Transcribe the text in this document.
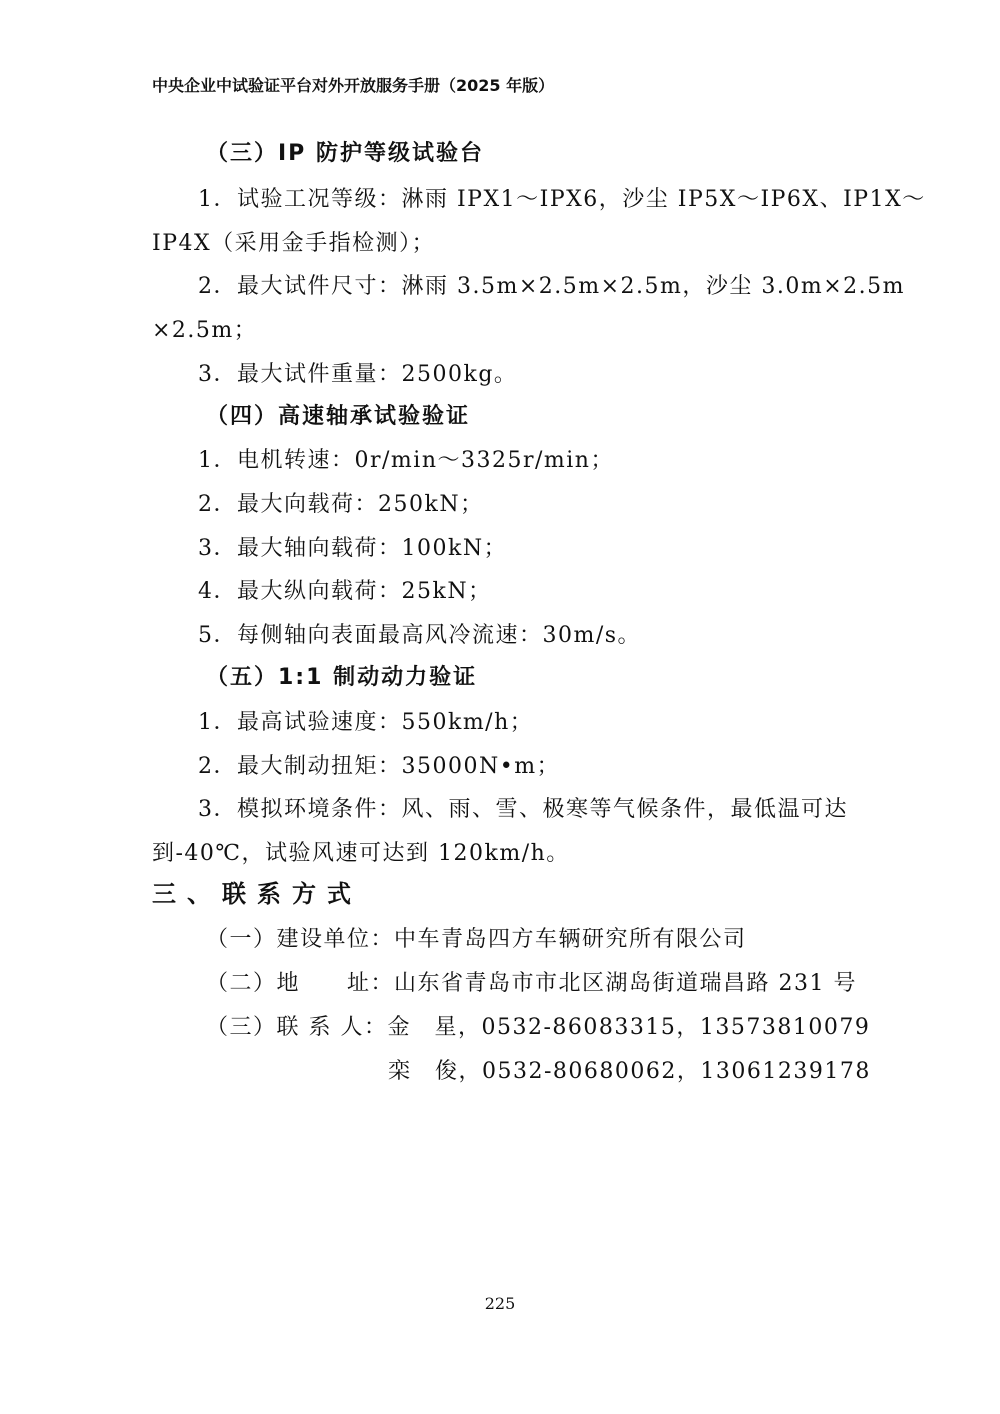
中央企业中试验证平台对外开放服务手册（2025 年版）
（三）IP 防护等级试验台
1．试验工况等级：淋雨 IPX1～IPX6，沙尘 IP5X～IP6X、IP1X～
IP4X（采用金手指检测）；
2．最大试件尺寸：淋雨 3.5m×2.5m×2.5m，沙尘 3.0m×2.5m
×2.5m；
3．最大试件重量：2500kg。
（四）高速轴承试验验证
1．电机转速：0r/min～3325r/min；
2．最大向载荷：250kN；
3．最大轴向载荷：100kN；
4．最大纵向载荷：25kN；
5．每侧轴向表面最高风冷流速：30m/s。
（五）1:1 制动动力验证
1．最高试验速度：550km/h；
2．最大制动扭矩：35000N•m；
3．模拟环境条件：风、雨、雪、极寒等气候条件，最低温可达
到-40℃，试验风速可达到 120km/h。
三、联系方式
（一）建设单位：中车青岛四方车辆研究所有限公司
（二）地　　址：山东省青岛市市北区湖岛街道瑞昌路 231 号
（三）联 系 人：金　星，0532-86083315，13573810079
栾　俊，0532-80680062，13061239178
225
